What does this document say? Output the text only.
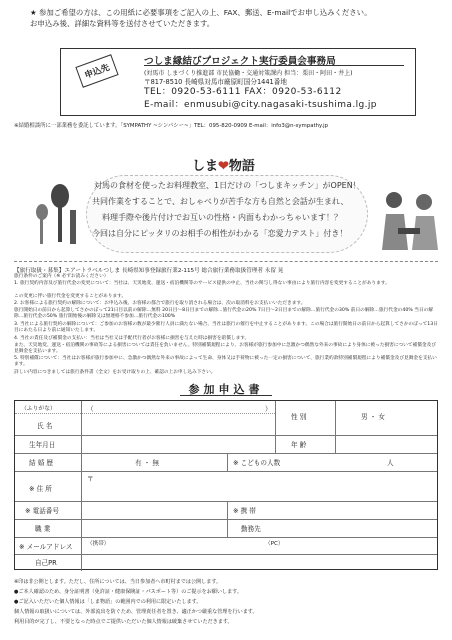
★ 参加ご希望の方は、この用紙に必要事項をご記入の上、FAX、郵送、E-mailでお申し込みください。
お申込み後、詳細な資料等を送付させていただきます。
申込先
つしま縁結びプロジェクト実行委員会事務局
(対馬市 しまづくり推進部 市民協働・交通対策課内 担当：栗田・阿田・井上)
〒817-8510 長崎県対馬市厳原町国分1441番地
TEL：0920-53-6111 FAX：0920-53-6112
E-mail：enmusubi@city.nagasaki-tsushima.lg.jp
※結婚相談所に一部業務を委託しています。「SYMPATHY ~シンパシー~」TEL：095-820-0909 E-mail：info3@n-sympathy.jp
しま❤物語
対馬の食材を使ったお料理教室、1日だけの「つしまキッチン」がOPEN！
共同作業をすることで、おしゃべりが苦手な方も自然と会話が生まれ、
料理手際や後片付けでお互いの性格・内面もわかっちゃいます！？
今回は自分にピッタリのお相手の相性がわかる「恋愛力テスト」付き！
【旅行取扱・募集】エアートラベルつしま 長崎県知事登録旅行業2-115号 総合旅行業務取扱管理者 永留 晃
旅行条件のご案内（※ 必ずお読みください）
1. 旅行契約内容及び旅行代金の変更について：当社は、天災地変、運送・宿泊機関等のサービス提供の中止、当社の関与し得ない事由により旅行内容を変更することがあります。
この変更に伴い旅行代金を変更することがあります。
2. お客様による旅行契約の解除について：お申込み後、お客様の都合で旅行を取り消される場合は、次の取消料をお支払いいただきます。
旅行開始日の前日から起算してさかのぼって21日目以前の解除…無料 20日目〜8日目までの解除…旅行代金の20% 7日目〜2日目までの解除…旅行代金の30% 前日の解除…旅行代金の40% 当日の解除…旅行代金の50% 旅行開始後の解除又は無連絡不参加…旅行代金の100%
3. 当社による旅行契約の解除について：ご参加のお客様の数が最少催行人員に満たない場合、当社は旅行の催行を中止することがあります。この場合は旅行開始日の前日から起算してさかのぼって13日目にあたる日より前に通知いたします。
4. 当社の責任及び補償金の支払い：当社は当社又は手配代行者がお客様に損害を与えた時は損害を賠償します。
また、天災地変、運送・宿泊機関の事故等による損害については責任を負いません。特別補償規程により、お客様が旅行参加中に急激かつ偶然な外来の事故により身体に被った損害について補償金及び見舞金を支払います。
5. 特別補償について：当社はお客様が旅行参加中に、急激かつ偶然な外来の事故によって生命、身体又は手荷物に被った一定の損害について、旅行業約款特別補償規程により補償金及び見舞金を支払います。
詳しい内容につきましては旅行条件書（全文）をお受け取りの上、確認の上お申し込み下さい。
参加申込書
（ふりがな）
氏 名
（	）
性 別	男 ・ 女
生年月日	年 齢
結 婚 歴	有 ・ 無	※ こどもの人数	人
※ 住 所
〒
※ 電話番号	※ 携 帯
職 業	勤務先
※ メールアドレス	（携帯）	（PC）
自己PR
※印は非公開とします。ただし、住所については、当日参加者へ市町村までは公開します。
●ご本人確認のため、身分証明書（免許証・健康保険証・パスポート等）のご提示をお願いします。
●ご記入いただいた個人情報は「しま物語」の範囲内での利用に限定いたします。
個人情報の取扱いについては、外部流出を防ぐため、管理責任者を置き、適正かつ厳重な管理を行います。
利用目的が完了し、不要となった時点でご提供いただいた個人情報は破棄させていただきます。
